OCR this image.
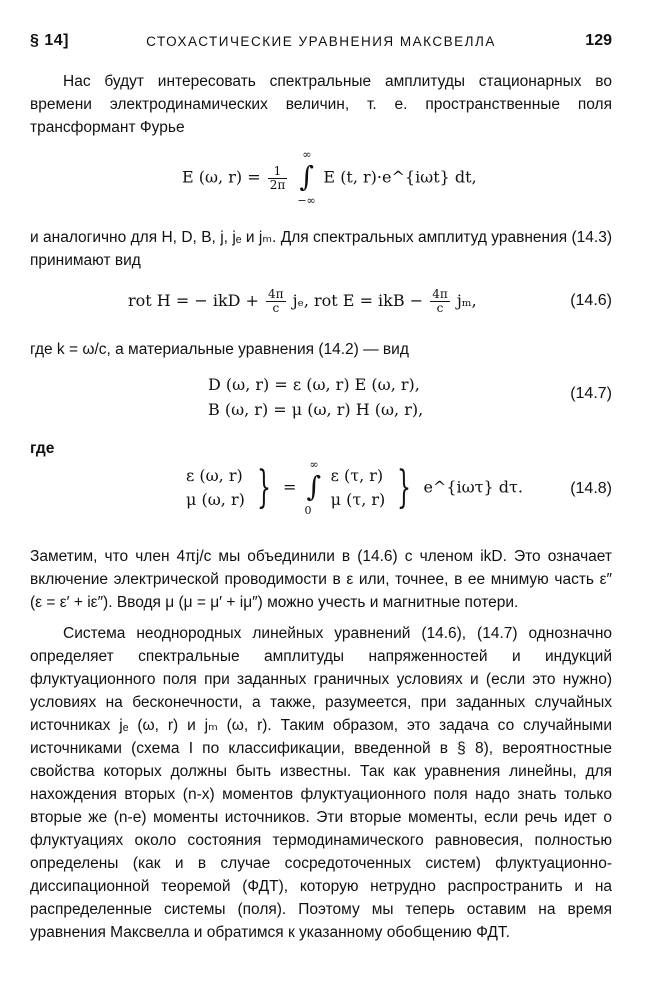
§ 14]	СТОХАСТИЧЕСКИЕ УРАВНЕНИЯ МАКСВЕЛЛА	129
Нас будут интересовать спектральные амплитуды стационарных во времени электродинамических величин, т. е. пространственные поля трансформант Фурье
E (ω, $r) = \frac{1}{2\pi}$

∞
∫
−∞
E (t, r)·e^{iωt} dt,
и аналогично для H, D, B, j, jₑ и jₘ. Для спектральных амплитуд уравнения (14.3) принимают вид
rot H = − ikD + $\frac{4\pi}{c} j_e$, rot E = ikB − $\frac{4\pi}{c} j_m$,	(14.6)
где k = ω/c, а материальные уравнения (14.2) — вид
D (ω, r) = ε (ω, r) E (ω, r),
B (ω, r) = μ (ω, r) H (ω, r),
(14.7)
где
ε (ω, r)
μ (ω, r) } =
∞
∫
0

ε (τ, r)
μ (τ, r) } e^{iωτ} dτ.	(14.8)
Заметим, что член 4πj/c мы объединили в (14.6) с членом ikD. Это означает включение электрической проводимости в ε или, точнее, в ее мнимую часть ε″ (ε = ε′ + iε″). Вводя μ (μ = μ′ + iμ″) можно учесть и магнитные потери.
Система неоднородных линейных уравнений (14.6), (14.7) однозначно определяет спектральные амплитуды напряженностей и индукций флуктуационного поля при заданных граничных условиях и (если это нужно) условиях на бесконечности, а также, разумеется, при заданных случайных источниках jₑ (ω, r) и jₘ (ω, r). Таким образом, это задача со случайными источниками (схема I по классификации, введенной в § 8), вероятностные свойства которых должны быть известны. Так как уравнения линейны, для нахождения вторых (n-x) моментов флуктуационного поля надо знать только вторые же (n-e) моменты источников. Эти вторые моменты, если речь идет о флуктуациях около состояния термодинамического равновесия, полностью определены (как и в случае сосредоточенных систем) флуктуационно-диссипационной теоремой (ФДТ), которую нетрудно распространить и на распределенные системы (поля). Поэтому мы теперь оставим на время уравнения Максвелла и обратимся к указанному обобщению ФДТ.
